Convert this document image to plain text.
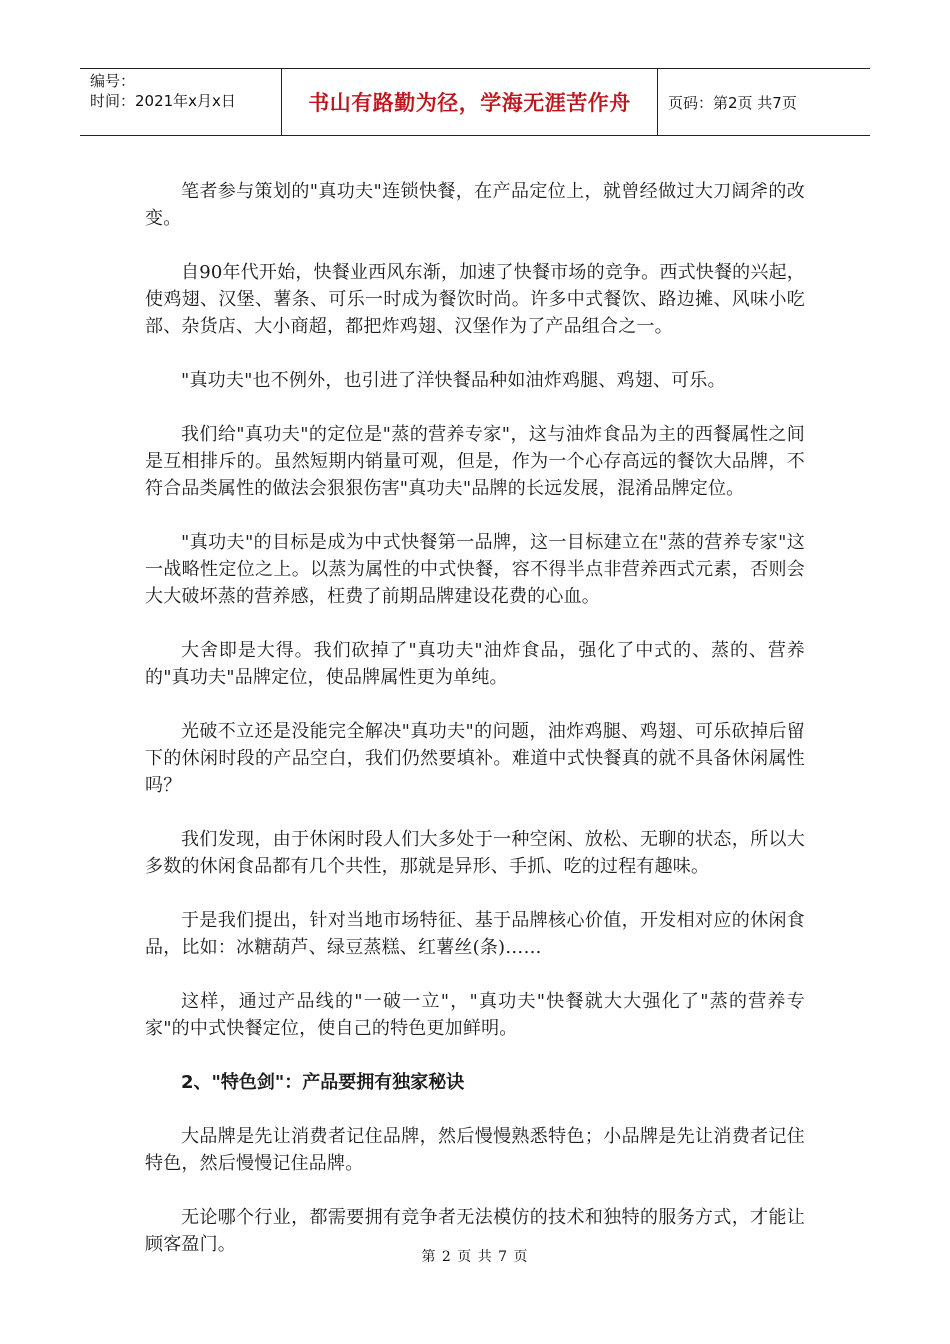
编号：
时间：2021年x月x日	书山有路勤为径，学海无涯苦作舟	页码：第2页 共7页

笔者参与策划的"真功夫"连锁快餐，在产品定位上，就曾经做过大刀阔斧的改变。

自90年代开始，快餐业西风东渐，加速了快餐市场的竞争。西式快餐的兴起，使鸡翅、汉堡、薯条、可乐一时成为餐饮时尚。许多中式餐饮、路边摊、风味小吃部、杂货店、大小商超，都把炸鸡翅、汉堡作为了产品组合之一。

"真功夫"也不例外，也引进了洋快餐品种如油炸鸡腿、鸡翅、可乐。

我们给"真功夫"的定位是"蒸的营养专家"，这与油炸食品为主的西餐属性之间是互相排斥的。虽然短期内销量可观，但是，作为一个心存高远的餐饮大品牌，不符合品类属性的做法会狠狠伤害"真功夫"品牌的长远发展，混淆品牌定位。

"真功夫"的目标是成为中式快餐第一品牌，这一目标建立在"蒸的营养专家"这一战略性定位之上。以蒸为属性的中式快餐，容不得半点非营养西式元素，否则会大大破坏蒸的营养感，枉费了前期品牌建设花费的心血。

大舍即是大得。我们砍掉了"真功夫"油炸食品，强化了中式的、蒸的、营养的"真功夫"品牌定位，使品牌属性更为单纯。

光破不立还是没能完全解决"真功夫"的问题，油炸鸡腿、鸡翅、可乐砍掉后留下的休闲时段的产品空白，我们仍然要填补。难道中式快餐真的就不具备休闲属性吗？

我们发现，由于休闲时段人们大多处于一种空闲、放松、无聊的状态，所以大多数的休闲食品都有几个共性，那就是异形、手抓、吃的过程有趣味。

于是我们提出，针对当地市场特征、基于品牌核心价值，开发相对应的休闲食品，比如：冰糖葫芦、绿豆蒸糕、红薯丝(条)……

这样，通过产品线的"一破一立"，"真功夫"快餐就大大强化了"蒸的营养专家"的中式快餐定位，使自己的特色更加鲜明。

2、"特色剑"：产品要拥有独家秘诀

大品牌是先让消费者记住品牌，然后慢慢熟悉特色；小品牌是先让消费者记住特色，然后慢慢记住品牌。

无论哪个行业，都需要拥有竞争者无法模仿的技术和独特的服务方式，才能让顾客盈门。

第 2 页 共 7 页
